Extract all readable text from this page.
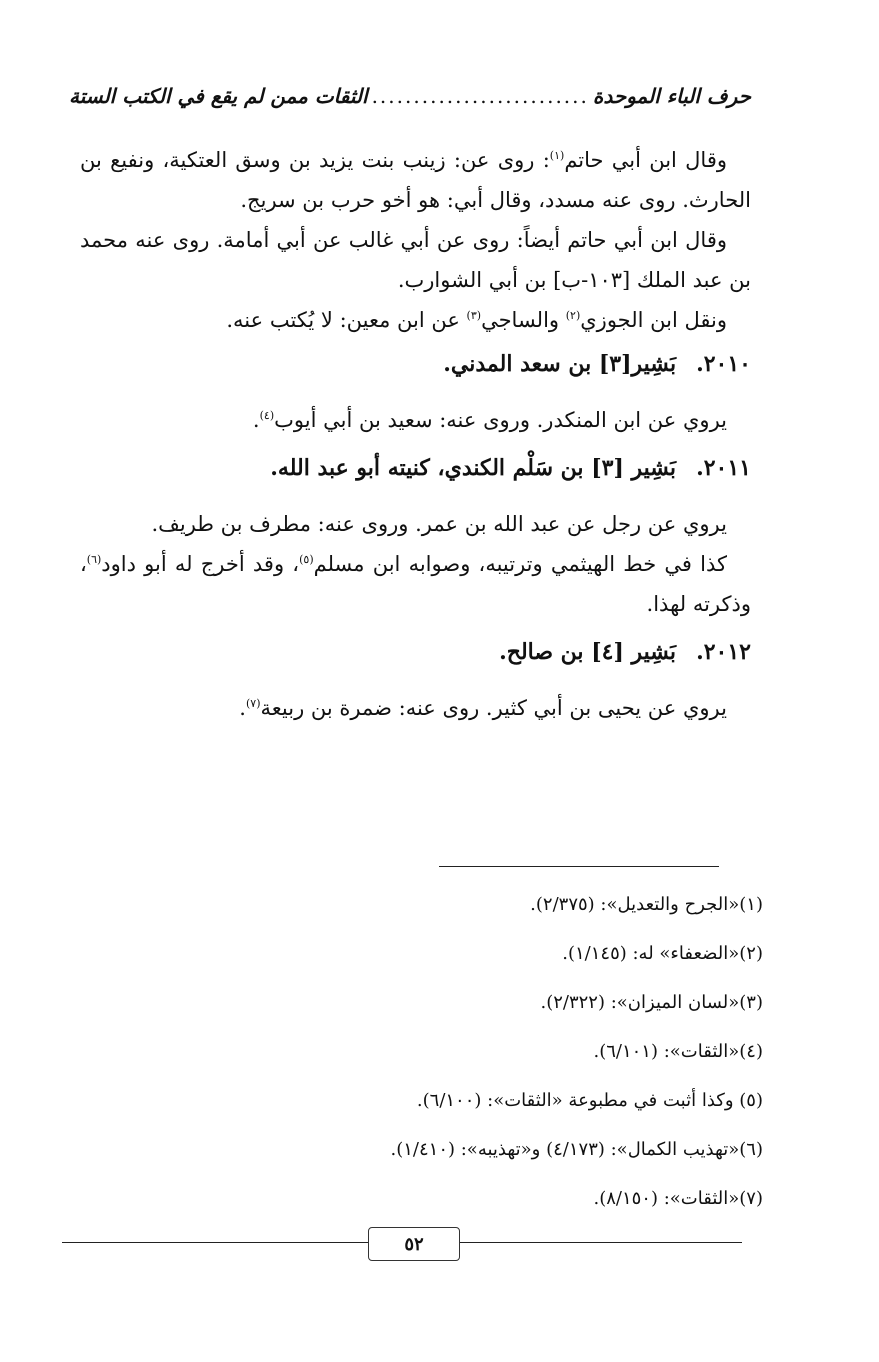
حرف الباء الموحدة
..........................
الثقات ممن لم يقع في الكتب الستة

وقال ابن أبي حاتم$^{(١)}$: روى عن: زينب بنت يزيد بن وسق العتكية، ونفيع بن الحارث. روى عنه مسدد، وقال أبي: هو أخو حرب بن سريج.

وقال ابن أبي حاتم أيضاً: روى عن أبي غالب عن أبي أمامة. روى عنه محمد بن عبد الملك [١٠٣-ب] بن أبي الشوارب.

ونقل ابن الجوزي$^{(٢)}$ والساجي$^{(٣)}$ عن ابن معين: لا يُكتب عنه.

٢٠١٠.بَشِير[٣] بن سعد المدني.

يروي عن ابن المنكدر. وروى عنه: سعيد بن أبي أيوب$^{(٤)}$.

٢٠١١.بَشِير [٣] بن سَلْم الكندي، كنيته أبو عبد الله.

يروي عن رجل عن عبد الله بن عمر. وروى عنه: مطرف بن طريف.

كذا في خط الهيثمي وترتيبه، وصوابه ابن مسلم$^{(٥)}$، وقد أخرج له أبو داود$^{(٦)}$، وذكرته لهذا.

٢٠١٢.بَشِير [٤] بن صالح.

يروي عن يحيى بن أبي كثير. روى عنه: ضمرة بن ربيعة$^{(٧)}$.

(١)«الجرح والتعديل»: (٢/٣٧٥).

(٢)«الضعفاء» له: (١/١٤٥).

(٣)«لسان الميزان»: (٢/٣٢٢).

(٤)«الثقات»: (٦/١٠١).

(٥) وكذا أثبت في مطبوعة «الثقات»: (٦/١٠٠).

(٦)«تهذيب الكمال»: (٤/١٧٣) و«تهذيبه»: (١/٤١٠).

(٧)«الثقات»: (٨/١٥٠).

٥٢
